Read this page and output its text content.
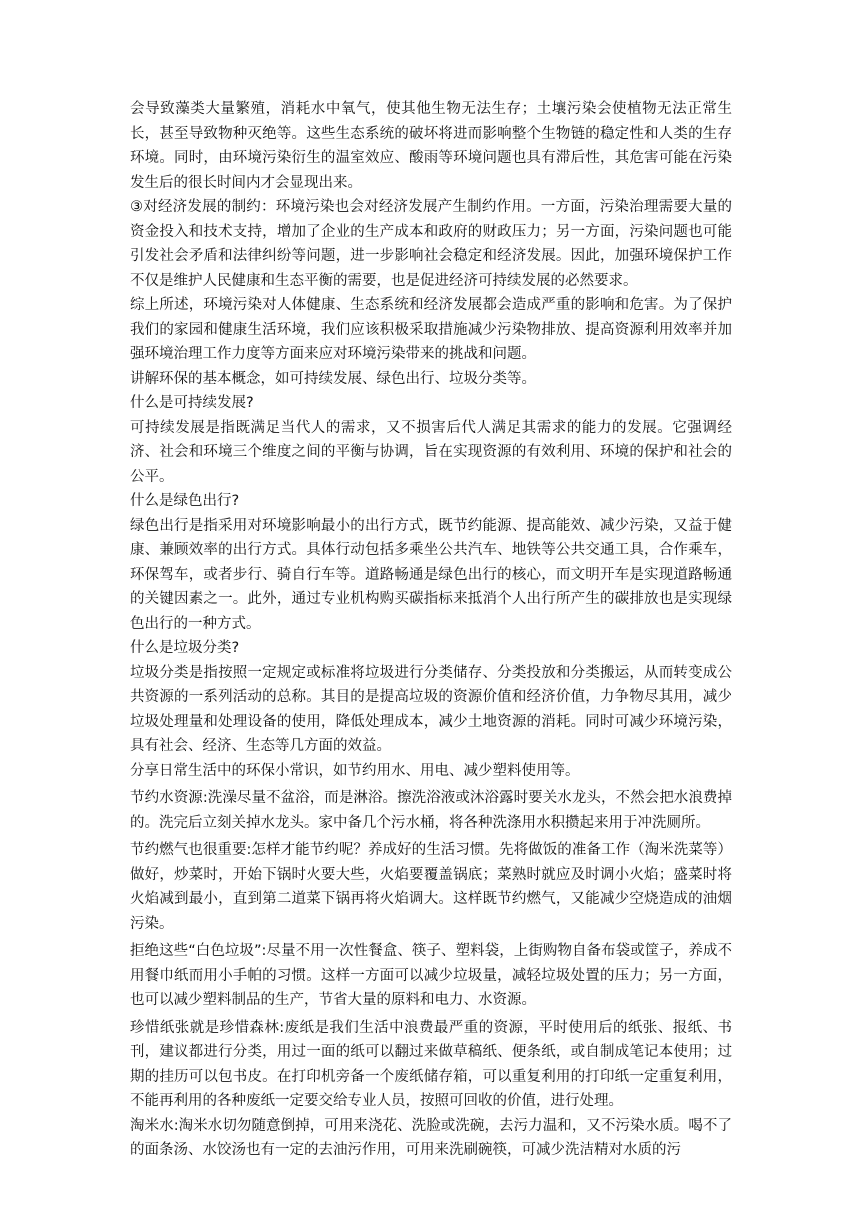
会导致藻类大量繁殖，消耗水中氧气，使其他生物无法生存；土壤污染会使植物无法正常生长，甚至导致物种灭绝等。这些生态系统的破坏将进而影响整个生物链的稳定性和人类的生存环境。同时，由环境污染衍生的温室效应、酸雨等环境问题也具有滞后性，其危害可能在污染发生后的很长时间内才会显现出来。

③对经济发展的制约：环境污染也会对经济发展产生制约作用。一方面，污染治理需要大量的资金投入和技术支持，增加了企业的生产成本和政府的财政压力；另一方面，污染问题也可能引发社会矛盾和法律纠纷等问题，进一步影响社会稳定和经济发展。因此，加强环境保护工作不仅是维护人民健康和生态平衡的需要，也是促进经济可持续发展的必然要求。

综上所述，环境污染对人体健康、生态系统和经济发展都会造成严重的影响和危害。为了保护我们的家园和健康生活环境，我们应该积极采取措施减少污染物排放、提高资源利用效率并加强环境治理工作力度等方面来应对环境污染带来的挑战和问题。

讲解环保的基本概念，如可持续发展、绿色出行、垃圾分类等。

什么是可持续发展?

可持续发展是指既满足当代人的需求，又不损害后代人满足其需求的能力的发展。它强调经济、社会和环境三个维度之间的平衡与协调，旨在实现资源的有效利用、环境的保护和社会的公平。

什么是绿色出行?

绿色出行是指采用对环境影响最小的出行方式，既节约能源、提高能效、减少污染，又益于健康、兼顾效率的出行方式。具体行动包括多乘坐公共汽车、地铁等公共交通工具，合作乘车，环保驾车，或者步行、骑自行车等。道路畅通是绿色出行的核心，而文明开车是实现道路畅通的关键因素之一。此外，通过专业机构购买碳指标来抵消个人出行所产生的碳排放也是实现绿色出行的一种方式。

什么是垃圾分类?

垃圾分类是指按照一定规定或标准将垃圾进行分类储存、分类投放和分类搬运，从而转变成公共资源的一系列活动的总称。其目的是提高垃圾的资源价值和经济价值，力争物尽其用，减少垃圾处理量和处理设备的使用，降低处理成本，减少土地资源的消耗。同时可减少环境污染，具有社会、经济、生态等几方面的效益。

分享日常生活中的环保小常识，如节约用水、用电、减少塑料使用等。

节约水资源:洗澡尽量不盆浴，而是淋浴。擦洗浴液或沐浴露时要关水龙头，不然会把水浪费掉的。洗完后立刻关掉水龙头。家中备几个污水桶，将各种洗涤用水积攒起来用于冲洗厕所。

节约燃气也很重要:怎样才能节约呢？养成好的生活习惯。先将做饭的准备工作（淘米洗菜等）做好，炒菜时，开始下锅时火要大些，火焰要覆盖锅底；菜熟时就应及时调小火焰；盛菜时将火焰减到最小，直到第二道菜下锅再将火焰调大。这样既节约燃气，又能减少空烧造成的油烟污染。

拒绝这些“白色垃圾”:尽量不用一次性餐盒、筷子、塑料袋，上街购物自备布袋或筐子，养成不用餐巾纸而用小手帕的习惯。这样一方面可以减少垃圾量，减轻垃圾处置的压力；另一方面，也可以减少塑料制品的生产，节省大量的原料和电力、水资源。

珍惜纸张就是珍惜森林:废纸是我们生活中浪费最严重的资源，平时使用后的纸张、报纸、书刊，建议都进行分类，用过一面的纸可以翻过来做草稿纸、便条纸，或自制成笔记本使用；过期的挂历可以包书皮。在打印机旁备一个废纸储存箱，可以重复利用的打印纸一定重复利用，不能再利用的各种废纸一定要交给专业人员，按照可回收的价值，进行处理。

淘米水:淘米水切勿随意倒掉，可用来浇花、洗脸或洗碗，去污力温和，又不污染水质。喝不了的面条汤、水饺汤也有一定的去油污作用，可用来洗刷碗筷，可减少洗洁精对水质的污
